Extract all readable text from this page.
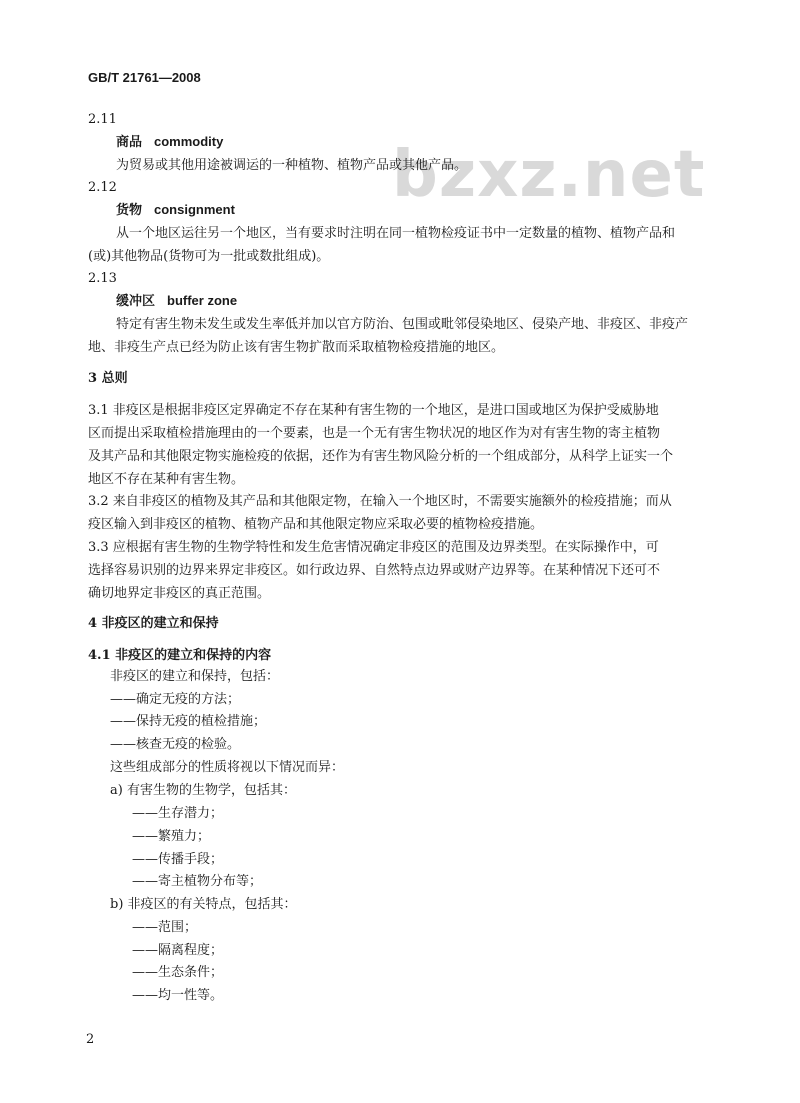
bzxz.net
GB/T 21761—2008
2.11
商品 commodity
为贸易或其他用途被调运的一种植物、植物产品或其他产品。
2.12
货物 consignment
从一个地区运往另一个地区，当有要求时注明在同一植物检疫证书中一定数量的植物、植物产品和
(或)其他物品(货物可为一批或数批组成)。
2.13
缓冲区 buffer zone
特定有害生物未发生或发生率低并加以官方防治、包围或毗邻侵染地区、侵染产地、非疫区、非疫产
地、非疫生产点已经为防止该有害生物扩散而采取植物检疫措施的地区。
3 总则
3.1 非疫区是根据非疫区定界确定不存在某种有害生物的一个地区，是进口国或地区为保护受威胁地
区而提出采取植检措施理由的一个要素，也是一个无有害生物状况的地区作为对有害生物的寄主植物
及其产品和其他限定物实施检疫的依据，还作为有害生物风险分析的一个组成部分，从科学上证实一个
地区不存在某种有害生物。
3.2 来自非疫区的植物及其产品和其他限定物，在输入一个地区时，不需要实施额外的检疫措施；而从
疫区输入到非疫区的植物、植物产品和其他限定物应采取必要的植物检疫措施。
3.3 应根据有害生物的生物学特性和发生危害情况确定非疫区的范围及边界类型。在实际操作中，可
选择容易识别的边界来界定非疫区。如行政边界、自然特点边界或财产边界等。在某种情况下还可不
确切地界定非疫区的真正范围。
4 非疫区的建立和保持
4.1 非疫区的建立和保持的内容
非疫区的建立和保持，包括：
——确定无疫的方法；
——保持无疫的植检措施；
——核查无疫的检验。
这些组成部分的性质将视以下情况而异：
a) 有害生物的生物学，包括其：
——生存潜力；
——繁殖力；
——传播手段；
——寄主植物分布等；
b) 非疫区的有关特点，包括其：
——范围；
——隔离程度；
——生态条件；
——均一性等。
2
